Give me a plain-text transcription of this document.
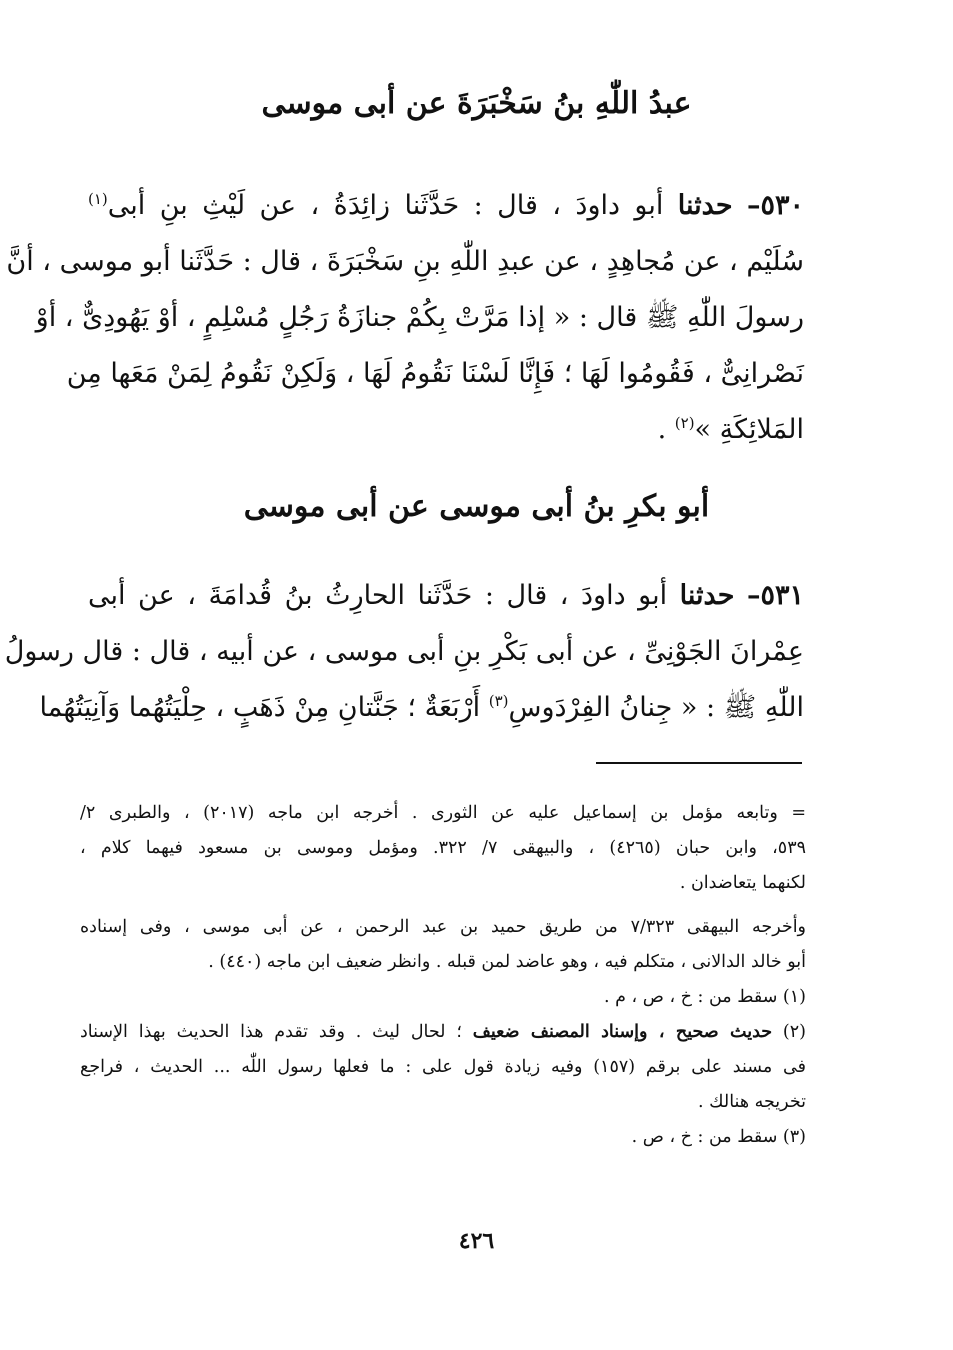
عبدُ اللّٰهِ بنُ سَخْبَرَةَ عن أبى موسى
٥٣٠– حدثنا أبو داودَ ، قال : حَدَّثَنا زائِدَةُ ، عن لَيْثِ بنِ أبى$^{(١)}$
سُلَيْم ، عن مُجاهِدٍ ، عن عبدِ اللّٰهِ بنِ سَخْبَرَةَ ، قال : حَدَّثَنا أبو موسى ، أنَّ
رسولَ اللّٰهِ ﷺ قال : « إذا مَرَّتْ بِكُمْ جنازَةُ رَجُلٍ مُسْلِمٍ ، أوْ يَهُودِىٌّ ، أوْ
نَصْرانِىٌّ ، فَقُومُوا لَهَا ؛ فَإِنَّا لَسْنَا نَقُومُ لَهَا ، وَلَكِنْ نَقُومُ لِمَنْ مَعَها مِن
المَلائِكَةِ »$^{(٢)}$ .
أبو بكرِ بنُ أبى موسى عن أبى موسى
٥٣١– حدثنا أبو داودَ ، قال : حَدَّثَنا الحارِثُ بنُ قُدامَةَ ، عن أبى
عِمْرانَ الجَوْنِىِّ ، عن أبى بَكْرِ بنِ أبى موسى ، عن أبيه ، قال : قال رسولُ
اللّٰهِ ﷺ : « جِنانُ الفِرْدَوسِ$^{(٣)}$ أَرْبَعَةٌ ؛ جَنَّتانِ مِنْ ذَهَبٍ ، حِلْيَتُهُما وَآنِيَتُهُما
= وتابعه مؤمل بن إسماعيل عليه عن الثورى . أخرجه ابن ماجه (٢٠١٧) ، والطبرى ٢/
٥٣٩، وابن حبان (٤٢٦٥) ، والبيهقى ٧/ ٣٢٢. ومؤمل وموسى بن مسعود فيهما كلام ،
لكنهما يتعاضدان .
وأخرجه البيهقى ٧/٣٢٣ من طريق حميد بن عبد الرحمن ، عن أبى موسى ، وفى إسناده
أبو خالد الدالانى ، متكلم فيه ، وهو عاضد لمن قبله . وانظر ضعيف ابن ماجه (٤٤٠) .
(١) سقط من : خ ، ص ، م .
(٢) حديث صحيح ، وإسناد المصنف ضعيف ؛ لحال ليث . وقد تقدم هذا الحديث بهذا الإسناد
فى مسند على برقم (١٥٧) وفيه زيادة قول على : ما فعلها رسول اللّٰه ... الحديث ، فراجع
تخريجه هنالك .
(٣) سقط من : خ ، ص .
٤٢٦
